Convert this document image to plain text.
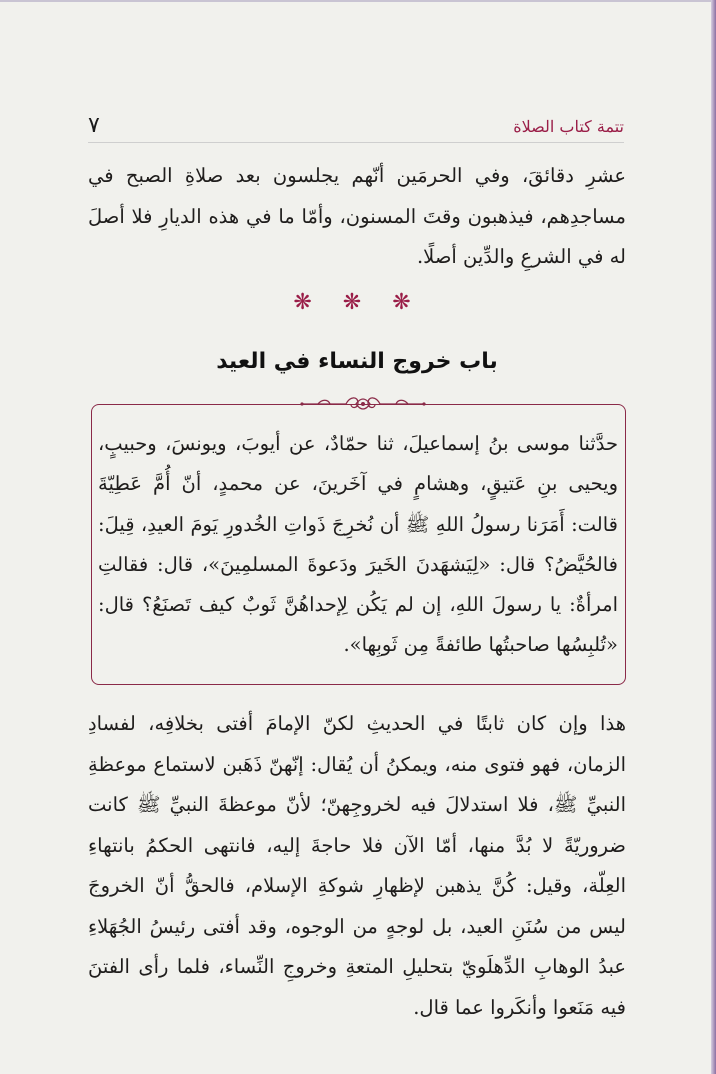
٧	تتمة كتاب الصلاة

عشرِ دقائقَ، وفي الحرمَين أنّهم يجلسون بعد صلاةِ الصبح في مساجدِهم، فيذهبون وقتَ المسنون، وأمّا ما في هذه الديارِ فلا أصلَ له في الشرعِ والدِّين أصلًا.

❋ ❋ ❋
باب خروج النساء في العيد

حدَّثنا موسى بنُ إسماعيلَ، ثنا حمّادٌ، عن أيوبَ، ويونسَ، وحبيبٍ، ويحيى بنِ عَتيقٍ، وهشامٍ في آخَرينَ، عن محمدٍ، أنّ أُمَّ عَطِيّةَ قالت: أَمَرَنا رسولُ اللهِ ﷺ أن نُخرِجَ ذَواتِ الخُدورِ يَومَ العيدِ، قِيلَ: فالحُيَّضُ؟ قال: «لِيَشهَدنَ الخَيرَ ودَعوةَ المسلمِينَ»، قال: فقالتِ امرأةٌ: يا رسولَ اللهِ، إن لم يَكُن لِإحداهُنَّ ثَوبٌ كيف تَصنَعُ؟ قال: «تُلبِسُها صاحبتُها طائفةً مِن ثَوبِها».

هذا وإن كان ثابتًا في الحديثِ لكنّ الإمامَ أفتى بخلافِه، لفسادِ الزمان، فهو فتوى منه، ويمكنُ أن يُقال: إنّهنّ ذَهَبن لاستماع موعظةِ النبيِّ ﷺ، فلا استدلالَ فيه لخروجِهنّ؛ لأنّ موعظةَ النبيِّ ﷺ كانت ضروريّةً لا بُدَّ منها، أمّا الآن فلا حاجةَ إليه، فانتهى الحكمُ بانتهاءِ العِلّة، وقيل: كُنَّ يذهبن لإظهارِ شوكةِ الإسلام، فالحقُّ أنّ الخروجَ ليس من سُنَنِ العيد، بل لوجهٍ من الوجوه، وقد أفتى رئيسُ الجُهَلاءِ عبدُ الوهابِ الدِّهلَويّ بتحليلِ المتعةِ وخروجِ النِّساء، فلما رأى الفتنَ فيه مَنَعوا وأنكَروا عما قال.
